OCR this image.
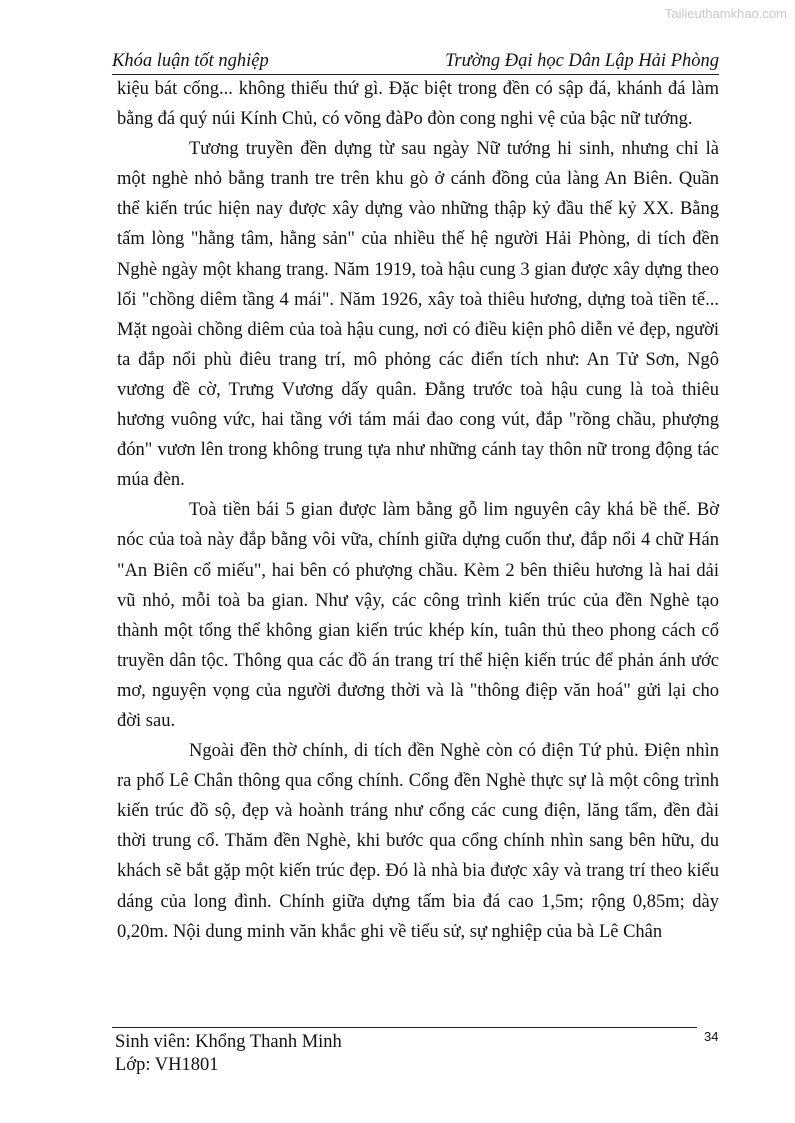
Tailieuthamkhao.com
Khóa luận tốt nghiệp	Trường Đại học Dân Lập Hải Phòng

kiệu bát cống... không thiếu thứ gì. Đặc biệt trong đền có sập đá, khánh đá làm bằng đá quý núi Kính Chủ, có võng đàPo đòn cong nghi vệ của bậc nữ tướng.

Tương truyền đền dựng từ sau ngày Nữ tướng hi sinh, nhưng chỉ là một nghè nhỏ bằng tranh tre trên khu gò ở cánh đồng của làng An Biên. Quần thể kiến trúc hiện nay được xây dựng vào những thập kỷ đầu thế kỷ XX. Bằng tấm lòng "hằng tâm, hằng sản" của nhiều thế hệ người Hải Phòng, di tích đền Nghè ngày một khang trang. Năm 1919, toà hậu cung 3 gian được xây dựng theo lối "chồng diêm tầng 4 mái". Năm 1926, xây toà thiêu hương, dựng toà tiền tế... Mặt ngoài chồng diêm của toà hậu cung, nơi có điều kiện phô diễn vẻ đẹp, người ta đắp nổi phù điêu trang trí, mô phỏng các điển tích như: An Tử Sơn, Ngô vương đề cờ, Trưng Vương dấy quân. Đằng trước toà hậu cung là toà thiêu hương vuông vức, hai tầng với tám mái đao cong vút, đắp "rồng chầu, phượng đón" vươn lên trong không trung tựa như những cánh tay thôn nữ trong động tác múa đèn.

Toà tiền bái 5 gian được làm bằng gỗ lim nguyên cây khá bề thế. Bờ nóc của toà này đắp bằng vôi vữa, chính giữa dựng cuốn thư, đắp nổi 4 chữ Hán "An Biên cổ miếu", hai bên có phượng chầu. Kèm 2 bên thiêu hương là hai dải vũ nhỏ, mỗi toà ba gian. Như vậy, các công trình kiến trúc của đền Nghè tạo thành một tổng thể không gian kiến trúc khép kín, tuân thủ theo phong cách cổ truyền dân tộc. Thông qua các đồ án trang trí thể hiện kiến trúc để phản ánh ước mơ, nguyện vọng của người đương thời và là "thông điệp văn hoá" gửi lại cho đời sau.

Ngoài đền thờ chính, di tích đền Nghè còn có điện Tứ phủ. Điện nhìn ra phố Lê Chân thông qua cổng chính. Cổng đền Nghè thực sự là một công trình kiến trúc đồ sộ, đẹp và hoành tráng như cổng các cung điện, lăng tẩm, đền đài thời trung cổ. Thăm đền Nghè, khi bước qua cổng chính nhìn sang bên hữu, du khách sẽ bắt gặp một kiến trúc đẹp. Đó là nhà bia được xây và trang trí theo kiểu dáng của long đình. Chính giữa dựng tấm bia đá cao 1,5m; rộng 0,85m; dày 0,20m. Nội dung minh văn khắc ghi về tiểu sử, sự nghiệp của bà Lê Chân

34
Sinh viên: Khổng Thanh Minh
Lớp: VH1801
